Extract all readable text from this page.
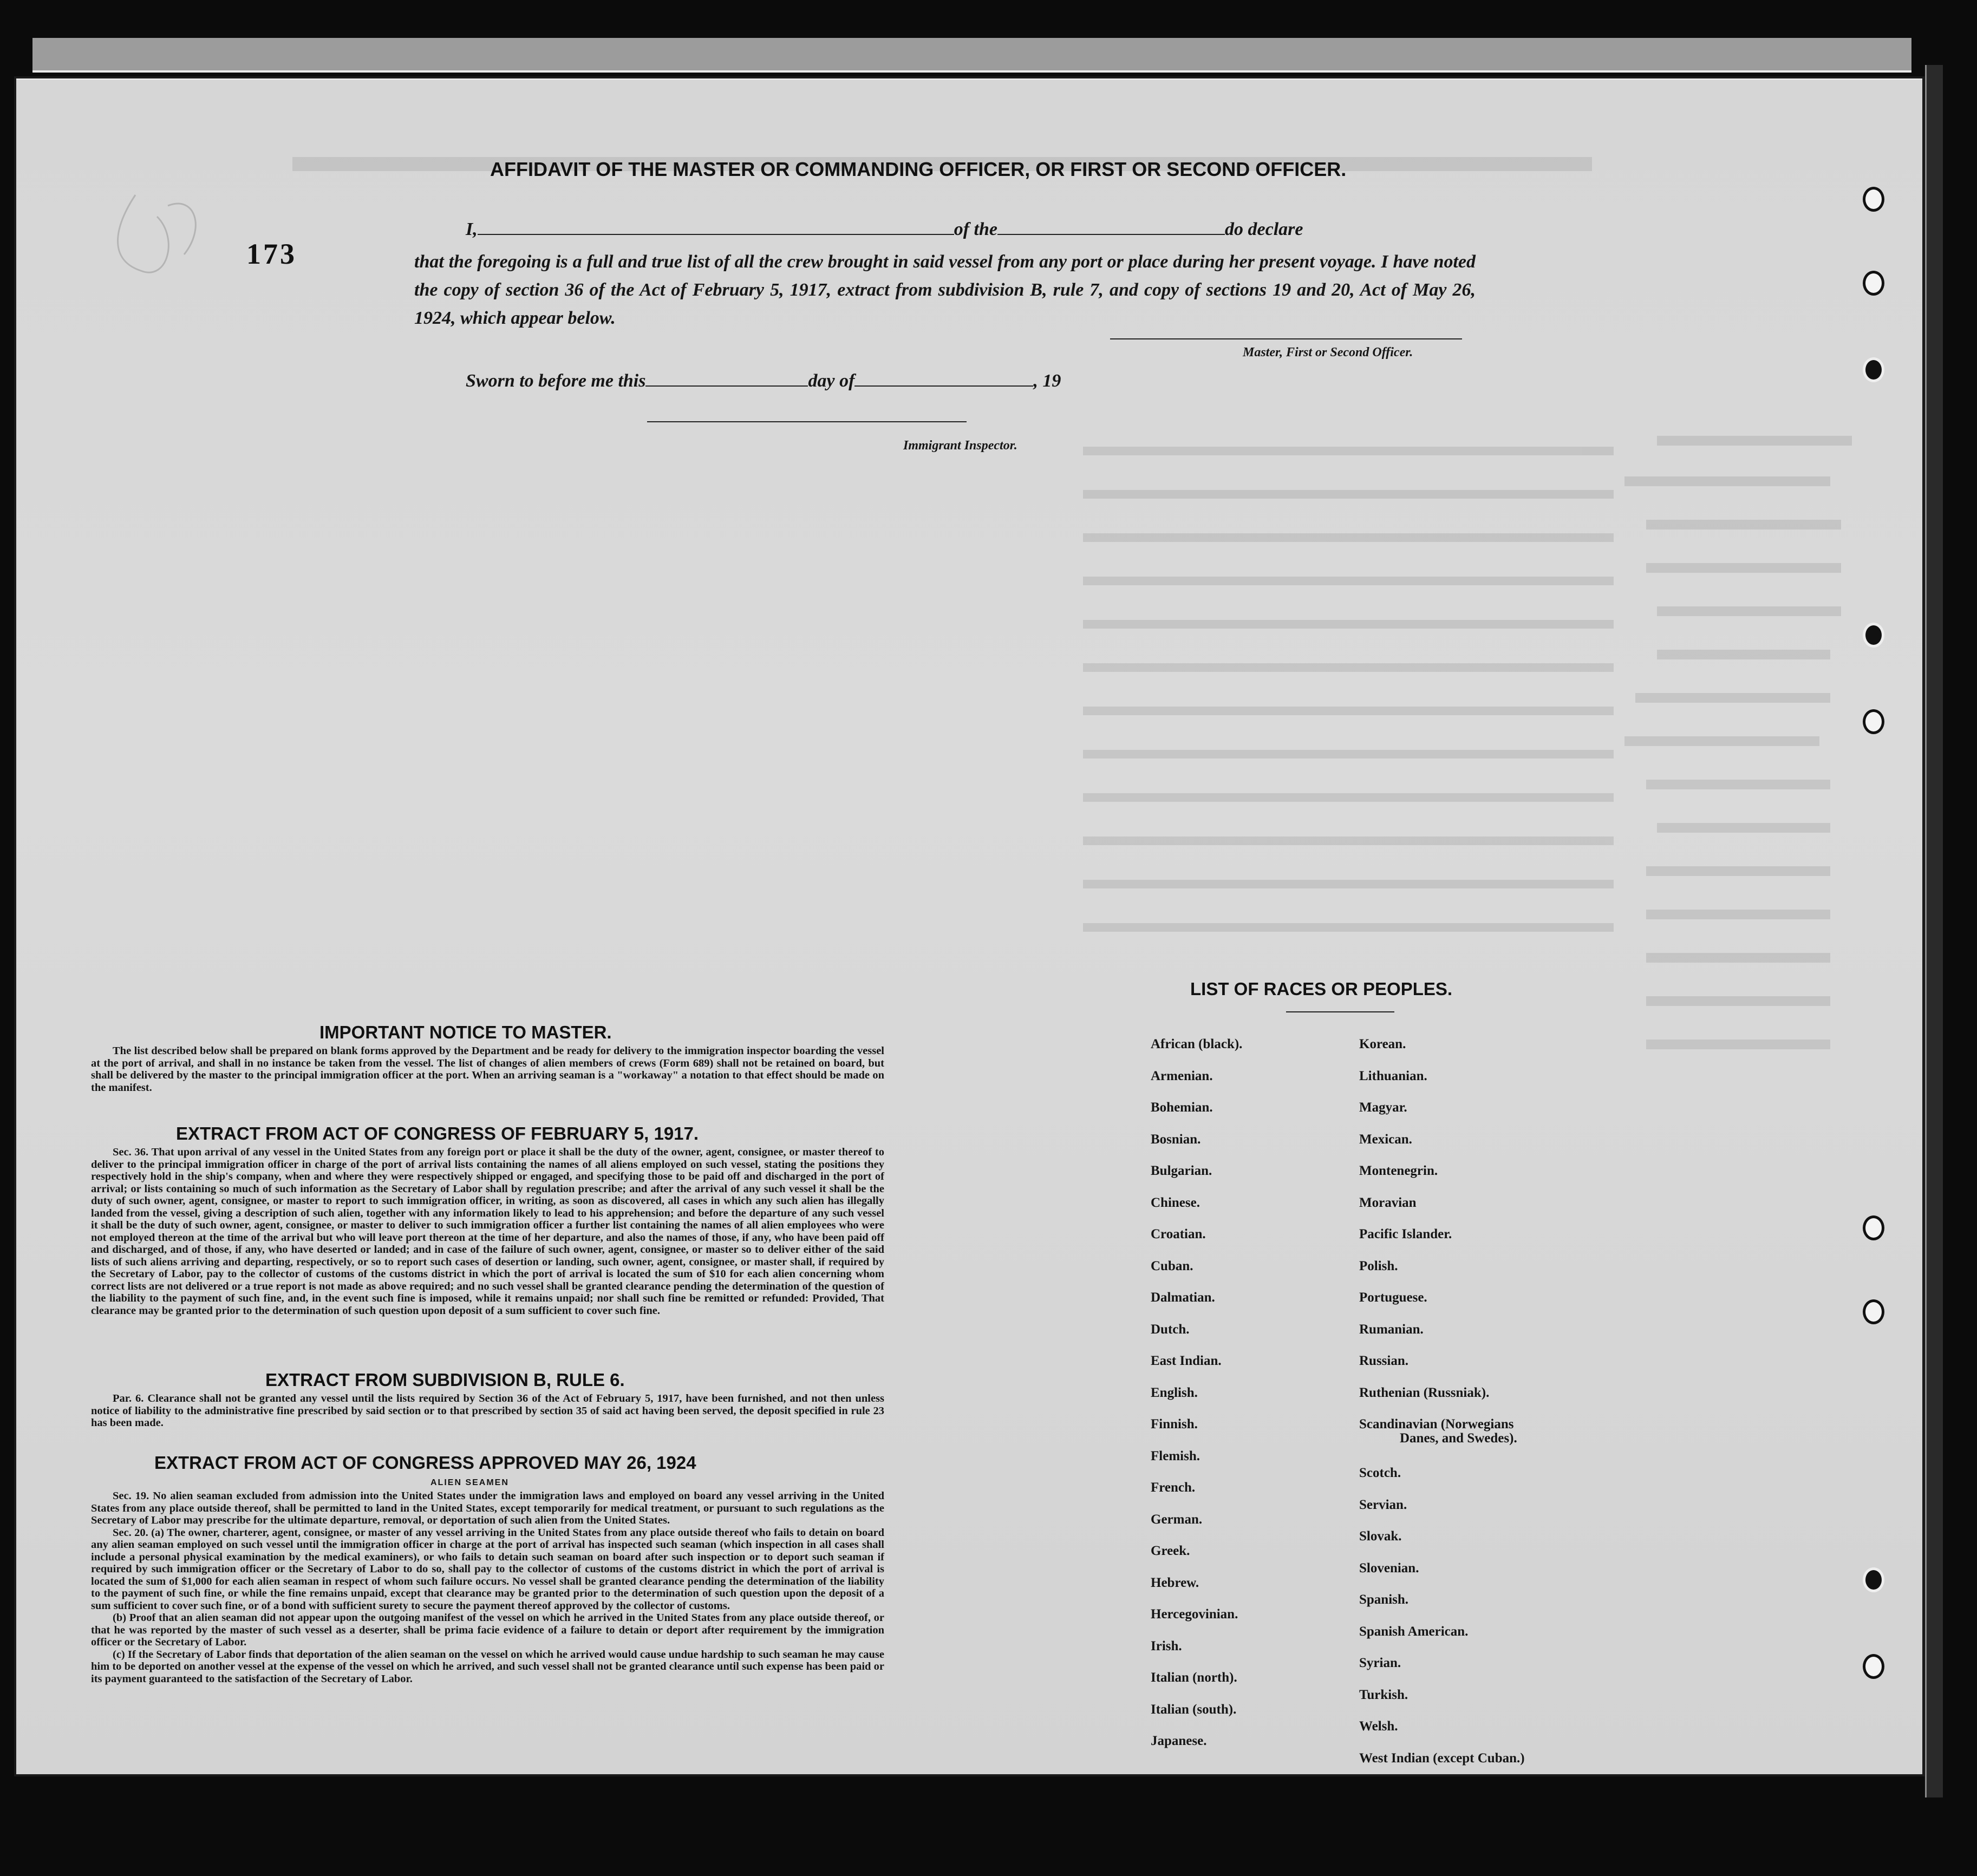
173
AFFIDAVIT OF THE MASTER OR COMMANDING OFFICER, OR FIRST OR SECOND OFFICER.
I,	of the	do declare
that the foregoing is a full and true list of all the crew brought in said vessel from any port or place during her present voyage. I have noted the copy of section 36 of the Act of February 5, 1917, extract from subdivision B, rule 7, and copy of sections 19 and 20, Act of May 26, 1924, which appear below.
Master, First or Second Officer.
Sworn to before me this	day of	, 19
Immigrant Inspector.
IMPORTANT NOTICE TO MASTER.
The list described below shall be prepared on blank forms approved by the Department and be ready for delivery to the immigration inspector boarding the vessel at the port of arrival, and shall in no instance be taken from the vessel. The list of changes of alien members of crews (Form 689) shall not be retained on board, but shall be delivered by the master to the principal immigration officer at the port. When an arriving seaman is a "workaway" a notation to that effect should be made on the manifest.
EXTRACT FROM ACT OF CONGRESS OF FEBRUARY 5, 1917.
Sec. 36. That upon arrival of any vessel in the United States from any foreign port or place it shall be the duty of the owner, agent, consignee, or master thereof to deliver to the principal immigration officer in charge of the port of arrival lists containing the names of all aliens employed on such vessel, stating the positions they respectively hold in the ship's company, when and where they were respectively shipped or engaged, and specifying those to be paid off and discharged in the port of arrival; or lists containing so much of such information as the Secretary of Labor shall by regulation prescribe; and after the arrival of any such vessel it shall be the duty of such owner, agent, consignee, or master to report to such immigration officer, in writing, as soon as discovered, all cases in which any such alien has illegally landed from the vessel, giving a description of such alien, together with any information likely to lead to his apprehension; and before the departure of any such vessel it shall be the duty of such owner, agent, consignee, or master to deliver to such immigration officer a further list containing the names of all alien employees who were not employed thereon at the time of the arrival but who will leave port thereon at the time of her departure, and also the names of those, if any, who have been paid off and discharged, and of those, if any, who have deserted or landed; and in case of the failure of such owner, agent, consignee, or master so to deliver either of the said lists of such aliens arriving and departing, respectively, or so to report such cases of desertion or landing, such owner, agent, consignee, or master shall, if required by the Secretary of Labor, pay to the collector of customs of the customs district in which the port of arrival is located the sum of $10 for each alien concerning whom correct lists are not delivered or a true report is not made as above required; and no such vessel shall be granted clearance pending the determination of the question of the liability to the payment of such fine, and, in the event such fine is imposed, while it remains unpaid; nor shall such fine be remitted or refunded: Provided, That clearance may be granted prior to the determination of such question upon deposit of a sum sufficient to cover such fine.
EXTRACT FROM SUBDIVISION B, RULE 6.
Par. 6. Clearance shall not be granted any vessel until the lists required by Section 36 of the Act of February 5, 1917, have been furnished, and not then unless notice of liability to the administrative fine prescribed by said section or to that prescribed by section 35 of said act having been served, the deposit specified in rule 23 has been made.
EXTRACT FROM ACT OF CONGRESS APPROVED MAY 26, 1924
ALIEN SEAMEN

Sec. 19. No alien seaman excluded from admission into the United States under the immigration laws and employed on board any vessel arriving in the United States from any place outside thereof, shall be permitted to land in the United States, except temporarily for medical treatment, or pursuant to such regulations as the Secretary of Labor may prescribe for the ultimate departure, removal, or deportation of such alien from the United States.

Sec. 20. (a) The owner, charterer, agent, consignee, or master of any vessel arriving in the United States from any place outside thereof who fails to detain on board any alien seaman employed on such vessel until the immigration officer in charge at the port of arrival has inspected such seaman (which inspection in all cases shall include a personal physical examination by the medical examiners), or who fails to detain such seaman on board after such inspection or to deport such seaman if required by such immigration officer or the Secretary of Labor to do so, shall pay to the collector of customs of the customs district in which the port of arrival is located the sum of $1,000 for each alien seaman in respect of whom such failure occurs. No vessel shall be granted clearance pending the determination of the liability to the payment of such fine, or while the fine remains unpaid, except that clearance may be granted prior to the determination of such question upon the deposit of a sum sufficient to cover such fine, or of a bond with sufficient surety to secure the payment thereof approved by the collector of customs.

(b) Proof that an alien seaman did not appear upon the outgoing manifest of the vessel on which he arrived in the United States from any place outside thereof, or that he was reported by the master of such vessel as a deserter, shall be prima facie evidence of a failure to detain or deport after requirement by the immigration officer or the Secretary of Labor.

(c) If the Secretary of Labor finds that deportation of the alien seaman on the vessel on which he arrived would cause undue hardship to such seaman he may cause him to be deported on another vessel at the expense of the vessel on which he arrived, and such vessel shall not be granted clearance until such expense has been paid or its payment guaranteed to the satisfaction of the Secretary of Labor.

LIST OF RACES OR PEOPLES.
African (black).
Armenian.
Bohemian.
Bosnian.
Bulgarian.
Chinese.
Croatian.
Cuban.
Dalmatian.
Dutch.
East Indian.
English.
Finnish.
Flemish.
French.
German.
Greek.
Hebrew.
Hercegovinian.
Irish.
Italian (north).
Italian (south).
Japanese.
Korean.
Lithuanian.
Magyar.
Mexican.
Montenegrin.
Moravian
Pacific Islander.
Polish.
Portuguese.
Rumanian.
Russian.
Ruthenian (Russniak).
Scandinavian (Norwegians
Danes, and Swedes).
Scotch.
Servian.
Slovak.
Slovenian.
Spanish.
Spanish American.
Syrian.
Turkish.
Welsh.
West Indian (except Cuban.)
